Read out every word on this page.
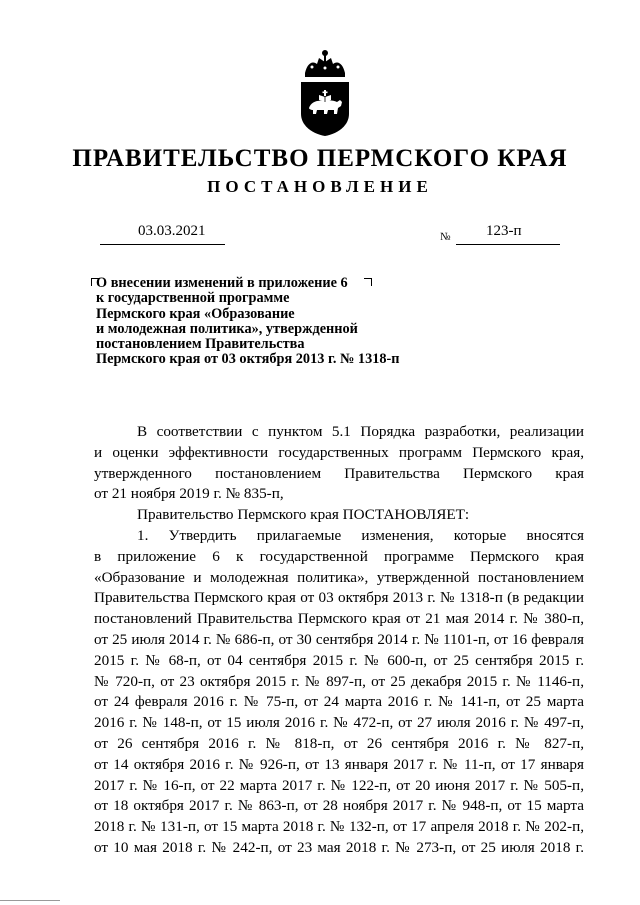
ПРАВИТЕЛЬСТВО ПЕРМСКОГО КРАЯ
ПОСТАНОВЛЕНИЕ
03.03.2021	№ 123-п

О внесении изменений в приложение 6
к государственной программе
Пермского края «Образование
и молодежная политика», утвержденной
постановлением Правительства
Пермского края от 03 октября 2013 г. № 1318-п

В соответствии с пунктом 5.1 Порядка разработки, реализации
и оценки эффективности государственных программ Пермского края,
утвержденного постановлением Правительства Пермского края
от 21 ноября 2019 г. № 835-п,
Правительство Пермского края ПОСТАНОВЛЯЕТ:
1. Утвердить прилагаемые изменения, которые вносятся
в приложение 6 к государственной программе Пермского края
«Образование и молодежная политика», утвержденной постановлением
Правительства Пермского края от 03 октября 2013 г. № 1318-п (в редакции
постановлений Правительства Пермского края от 21 мая 2014 г. № 380-п,
от 25 июля 2014 г. № 686-п, от 30 сентября 2014 г. № 1101-п, от 16 февраля
2015 г. № 68-п, от 04 сентября 2015 г. № 600-п, от 25 сентября 2015 г.
№ 720-п, от 23 октября 2015 г. № 897-п, от 25 декабря 2015 г. № 1146-п,
от 24 февраля 2016 г. № 75-п, от 24 марта 2016 г. № 141-п, от 25 марта
2016 г. № 148-п, от 15 июля 2016 г. № 472-п, от 27 июля 2016 г. № 497-п,
от 26 сентября 2016 г. № 818-п, от 26 сентября 2016 г. № 827-п,
от 14 октября 2016 г. № 926-п, от 13 января 2017 г. № 11-п, от 17 января
2017 г. № 16-п, от 22 марта 2017 г. № 122-п, от 20 июня 2017 г. № 505-п,
от 18 октября 2017 г. № 863-п, от 28 ноября 2017 г. № 948-п, от 15 марта
2018 г. № 131-п, от 15 марта 2018 г. № 132-п, от 17 апреля 2018 г. № 202-п,
от 10 мая 2018 г. № 242-п, от 23 мая 2018 г. № 273-п, от 25 июля 2018 г.
